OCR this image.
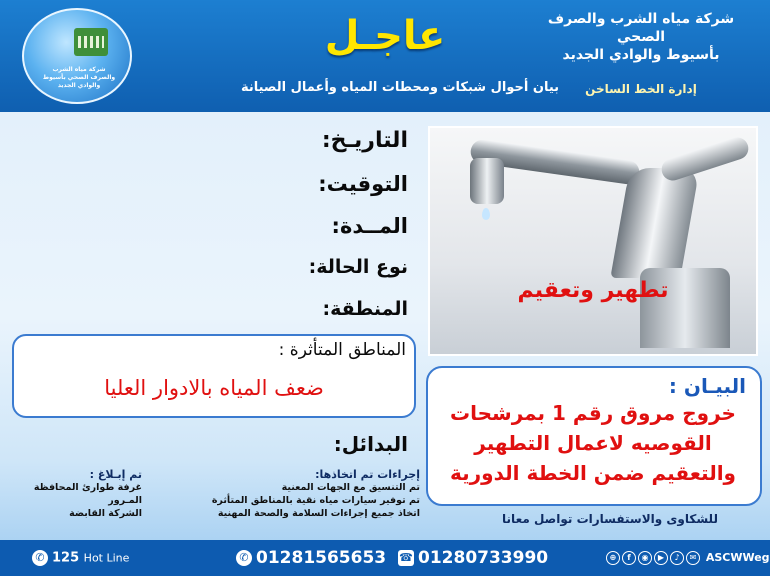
شركة مياه الشرب والصرف الصحي
بأسيوط والوادي الجديد
إدارة الخط الساخن
عاجـل
بيان أحوال شبكات ومحطات المياه وأعمال الصيانة
شركة مياه الشرب
والصرف الصحي بأسيوط
والوادي الجديد
التاريـخ:
التوقيت:
المــدة:
نوع الحالة:
المنطقة:
المناطق المتأثرة :
ضعف المياه بالادوار العليا
البدائل:
تطهير وتعقيم
البيـان :
خروج مروق رقم 1 بمرشحات القوصيه لاعمال التطهير والتعقيم ضمن الخطة الدورية
للشكاوى والاستفسارات تواصل معانا
إجراءات تم اتخاذها:
تم التنسيق مع الجهات المعنية
تم توفير سيارات مياه نقية بالمناطق المتأثرة
اتخاذ جميع إجراءات السلامة والصحة المهنية
تم إبـلاغ :
غرفة طوارئ المحافظة
المـرور
الشركة القابضة
✆ 125 Hot Line	✆ 01281565653 ☎ 01280733990	⊕ f ◉ ▶ ♪ ✉ ASCWWeg
